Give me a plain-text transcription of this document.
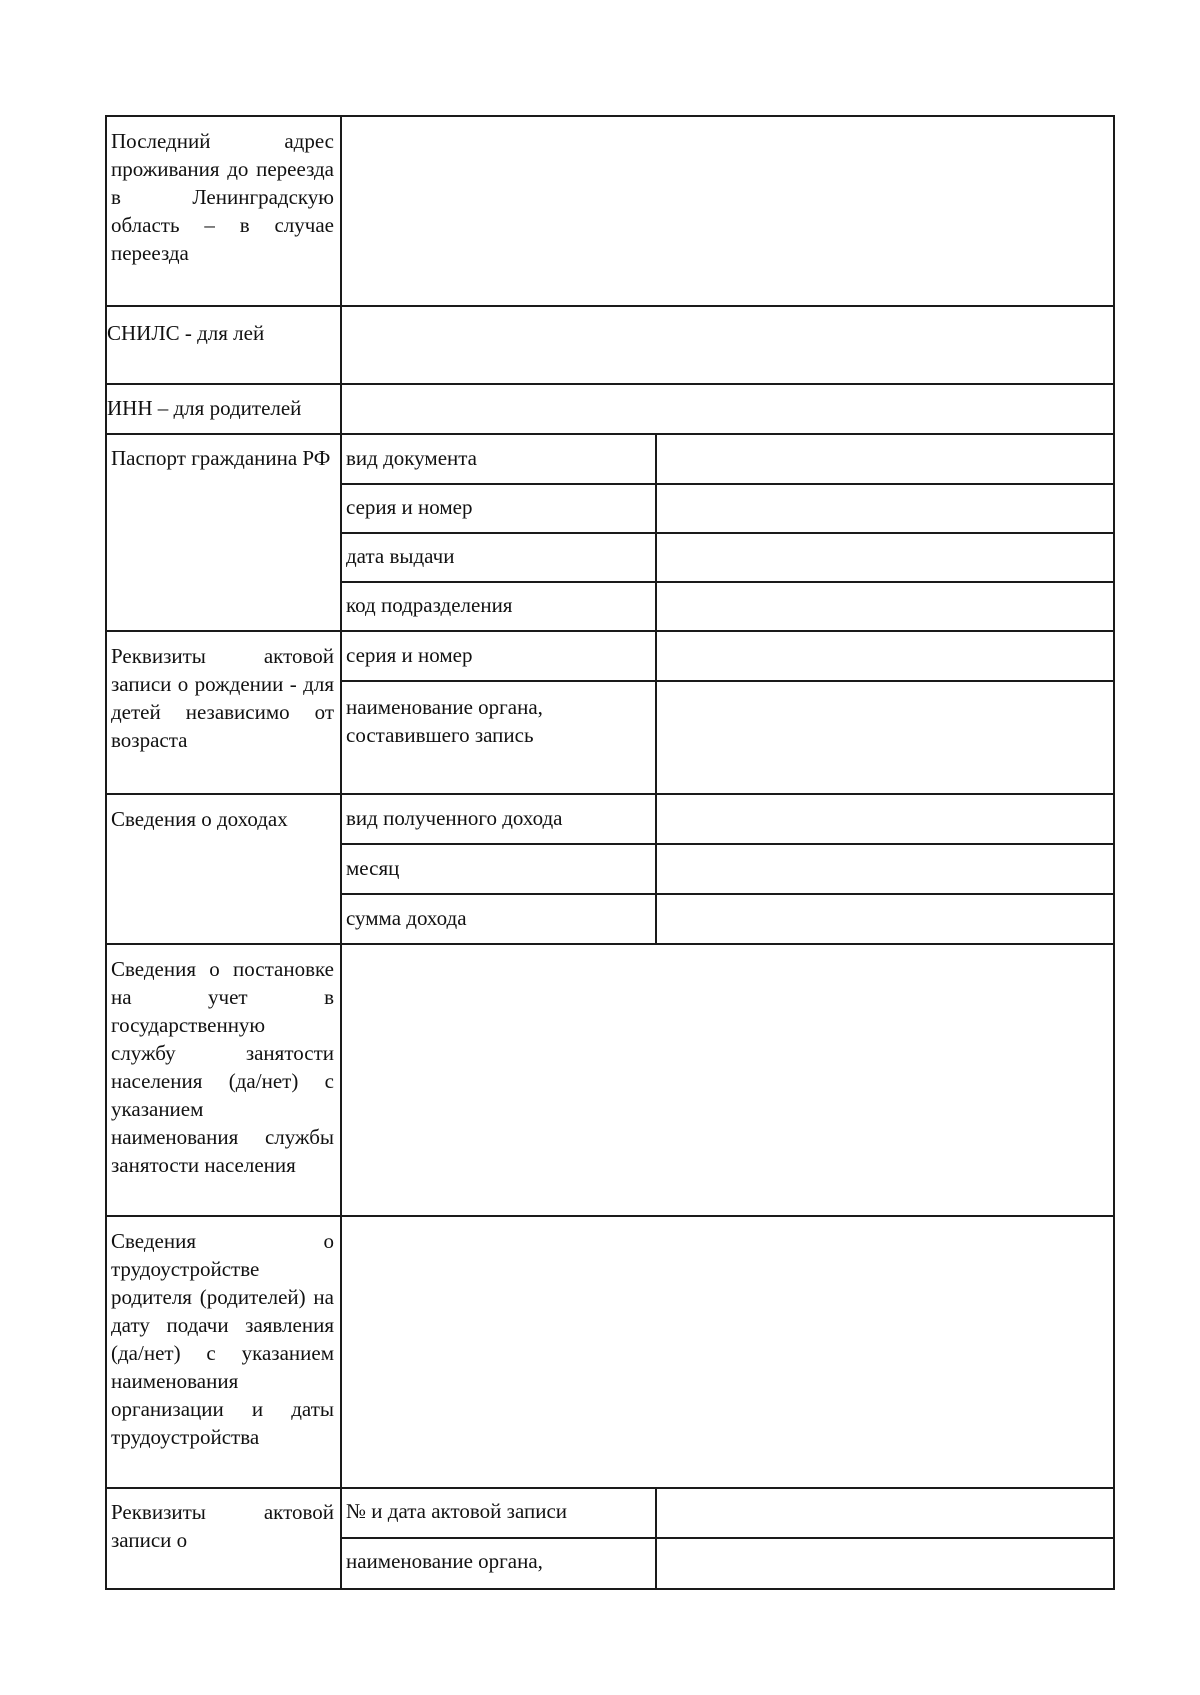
Последний адрес проживания до переезда в Ленинградскую область – в случае переезда
СНИЛС - для лей
ИНН – для родителей
Паспорт гражданина РФ вид документа
серия и номер
дата выдачи
код подразделения
Реквизиты актовой записи о рождении - для детей независимо от возраста
серия и номер
наименование органа, составившего запись
Сведения о доходах	вид полученного дохода
месяц
сумма дохода
Сведения о постановке на учет в государственную службу занятости населения (да/нет) с указанием наименования службы занятости населения
Сведения о трудоустройстве родителя (родителей) на дату подачи заявления (да/нет) с указанием наименования организации и даты трудоустройства
Реквизиты актовой записи о
№ и дата актовой записи
наименование органа,
